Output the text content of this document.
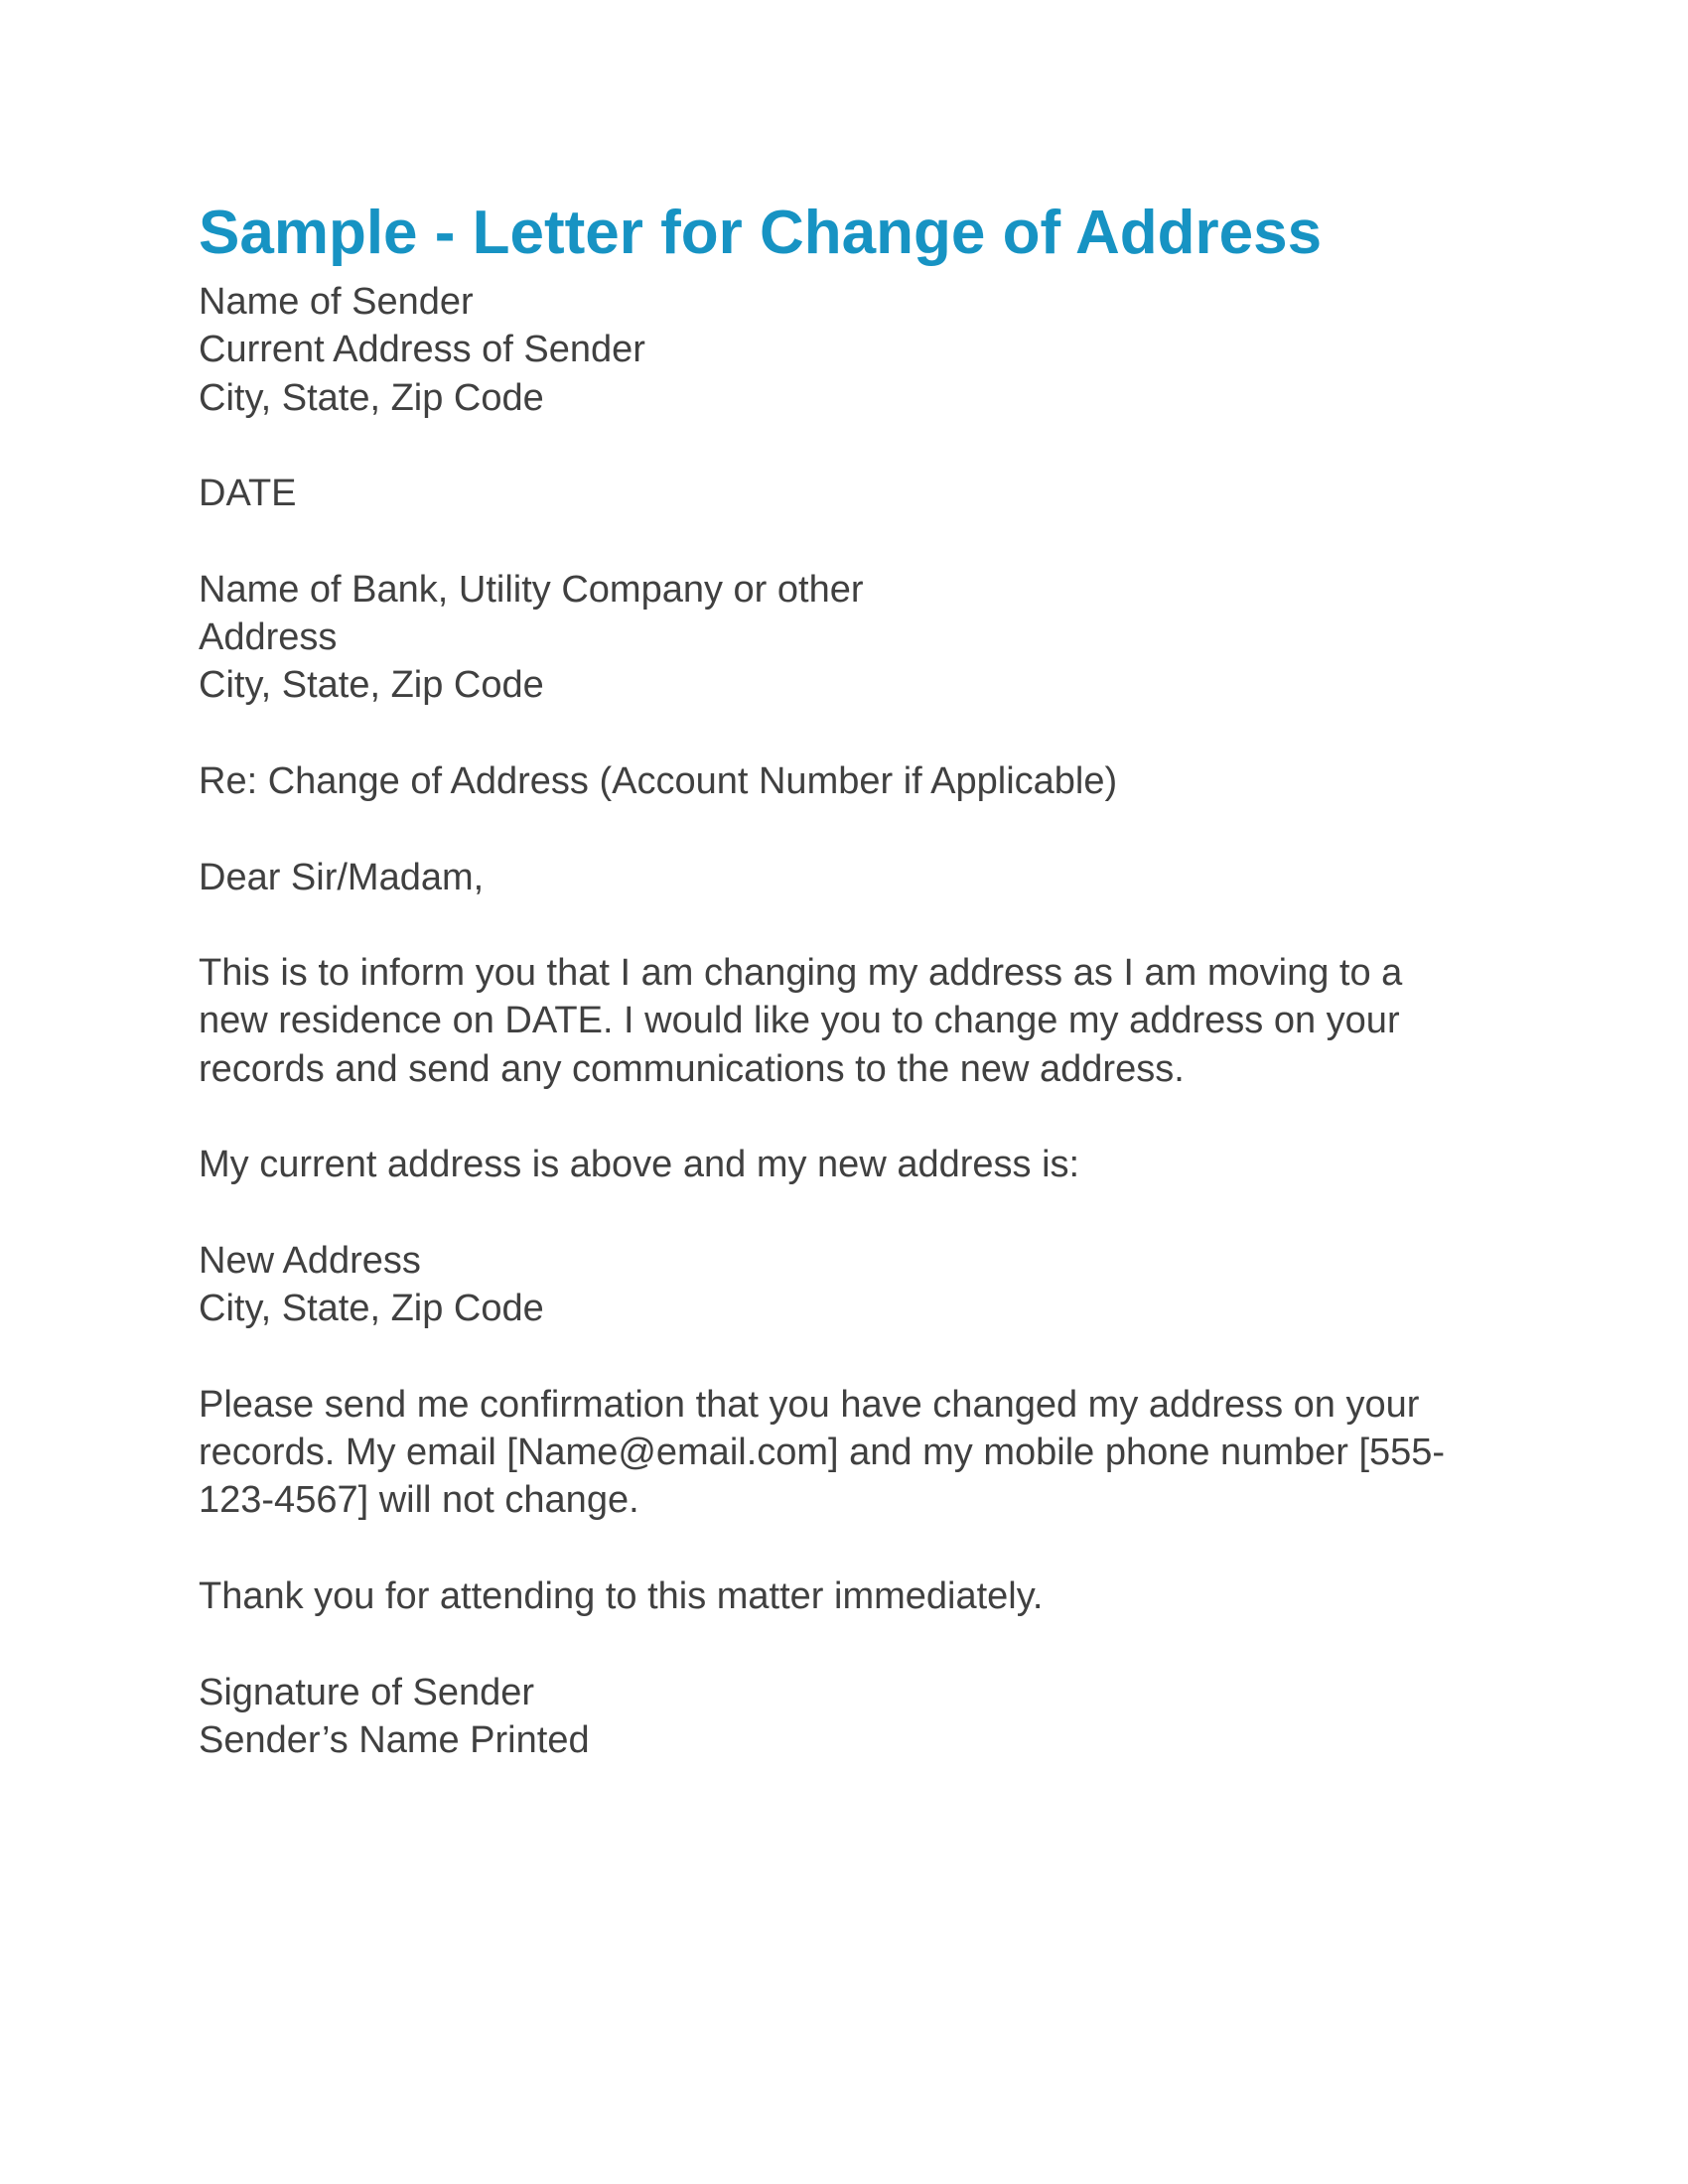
Sample - Letter for Change of Address

Name of Sender

Current Address of Sender

City, State, Zip Code

DATE

Name of Bank, Utility Company or other

Address

City, State, Zip Code

Re: Change of Address (Account Number if Applicable)

Dear Sir/Madam,

This is to inform you that I am changing my address as I am moving to a

new residence on DATE. I would like you to change my address on your

records and send any communications to the new address.

My current address is above and my new address is:

New Address

City, State, Zip Code

Please send me confirmation that you have changed my address on your

records. My email [Name@email.com] and my mobile phone number [555-

123-4567] will not change.

Thank you for attending to this matter immediately.

Signature of Sender

Sender’s Name Printed
